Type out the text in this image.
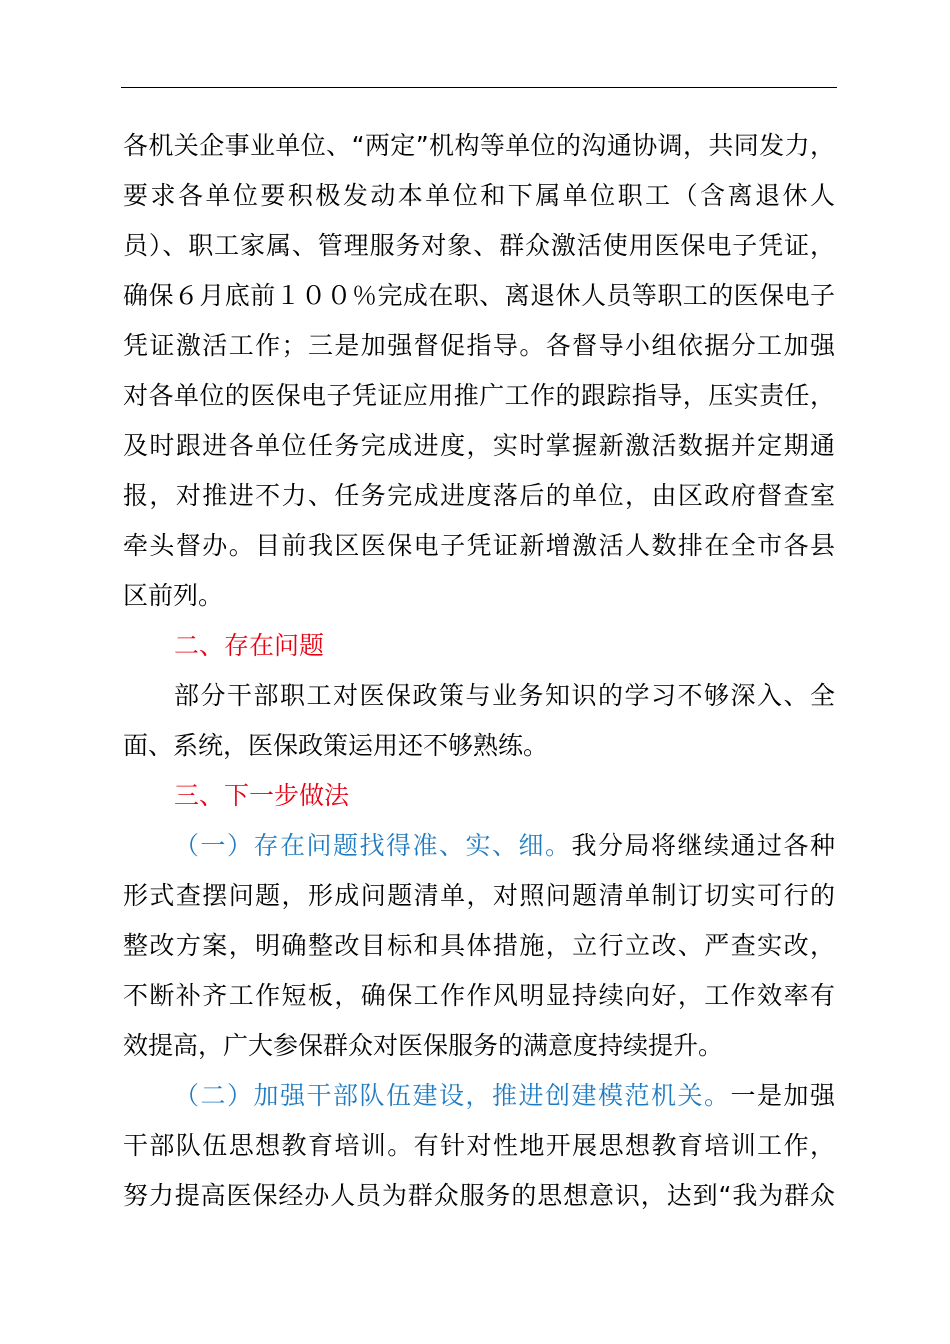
各机关企事业单位、“两定”机构等单位的沟通协调，共同发力，
要求各单位要积极发动本单位和下属单位职工（含离退休人
员）、职工家属、管理服务对象、群众激活使用医保电子凭证，
确保６月底前１００％完成在职、离退休人员等职工的医保电子
凭证激活工作；三是加强督促指导。各督导小组依据分工加强
对各单位的医保电子凭证应用推广工作的跟踪指导，压实责任，
及时跟进各单位任务完成进度，实时掌握新激活数据并定期通
报，对推进不力、任务完成进度落后的单位，由区政府督查室
牵头督办。目前我区医保电子凭证新增激活人数排在全市各县
区前列。
二、存在问题
部分干部职工对医保政策与业务知识的学习不够深入、全
面、系统，医保政策运用还不够熟练。
三、下一步做法
（一）存在问题找得准、实、细。我分局将继续通过各种
形式查摆问题，形成问题清单，对照问题清单制订切实可行的
整改方案，明确整改目标和具体措施，立行立改、严查实改，
不断补齐工作短板，确保工作作风明显持续向好，工作效率有
效提高，广大参保群众对医保服务的满意度持续提升。
（二）加强干部队伍建设，推进创建模范机关。一是加强
干部队伍思想教育培训。有针对性地开展思想教育培训工作，
努力提高医保经办人员为群众服务的思想意识，达到“我为群众
